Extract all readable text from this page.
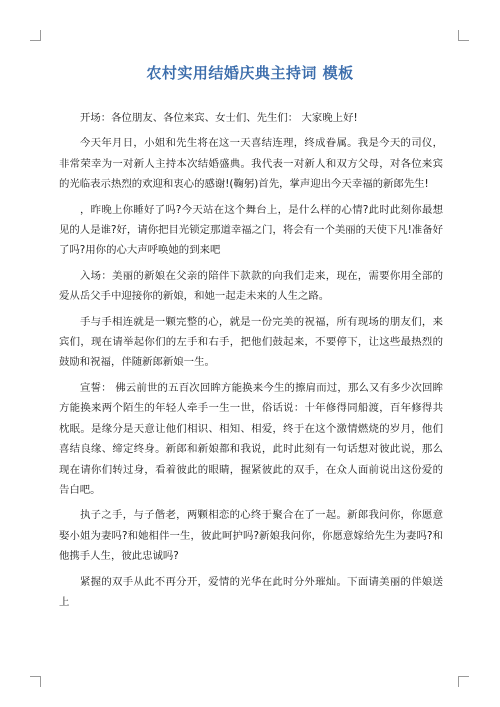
农村实用结婚庆典主持词 模板

开场：各位朋友、各位来宾、女士们、先生们： 大家晚上好!

今天年月日，小姐和先生将在这一天喜结连理，终成眷属。我是今天的司仪，非常荣幸为一对新人主持本次结婚盛典。我代表一对新人和双方父母，对各位来宾的光临表示热烈的欢迎和衷心的感谢!(鞠躬)首先，掌声迎出今天幸福的新郎先生!

，昨晚上你睡好了吗?今天站在这个舞台上，是什么样的心情?此时此刻你最想见的人是谁?好，请你把目光锁定那道幸福之门，将会有一个美丽的天使下凡!准备好了吗?用你的心大声呼唤她的到来吧

入场：美丽的新娘在父亲的陪伴下款款的向我们走来，现在，需要你用全部的爱从岳父手中迎接你的新娘，和她一起走未来的人生之路。

手与手相连就是一颗完整的心，就是一份完美的祝福，所有现场的朋友们，来宾们，现在请举起你们的左手和右手，把他们鼓起来，不要停下，让这些最热烈的鼓励和祝福，伴随新郎新娘一生。

宣誓： 佛云前世的五百次回眸方能换来今生的擦肩而过，那么又有多少次回眸方能换来两个陌生的年轻人牵手一生一世，俗话说：十年修得同船渡，百年修得共枕眠。是缘分是天意让他们相识、相知、相爱，终于在这个激情燃烧的岁月，他们喜结良缘、缔定终身。新郎和新娘都和我说，此时此刻有一句话想对彼此说，那么现在请你们转过身，看着彼此的眼睛，握紧彼此的双手，在众人面前说出这份爱的告白吧。

执子之手，与子偕老，两颗相恋的心终于聚合在了一起。新郎我问你，你愿意娶小姐为妻吗?和她相伴一生，彼此呵护吗?新娘我问你，你愿意嫁给先生为妻吗?和他携手人生，彼此忠诚吗?

紧握的双手从此不再分开，爱情的光华在此时分外璀灿。下面请美丽的伴娘送上
